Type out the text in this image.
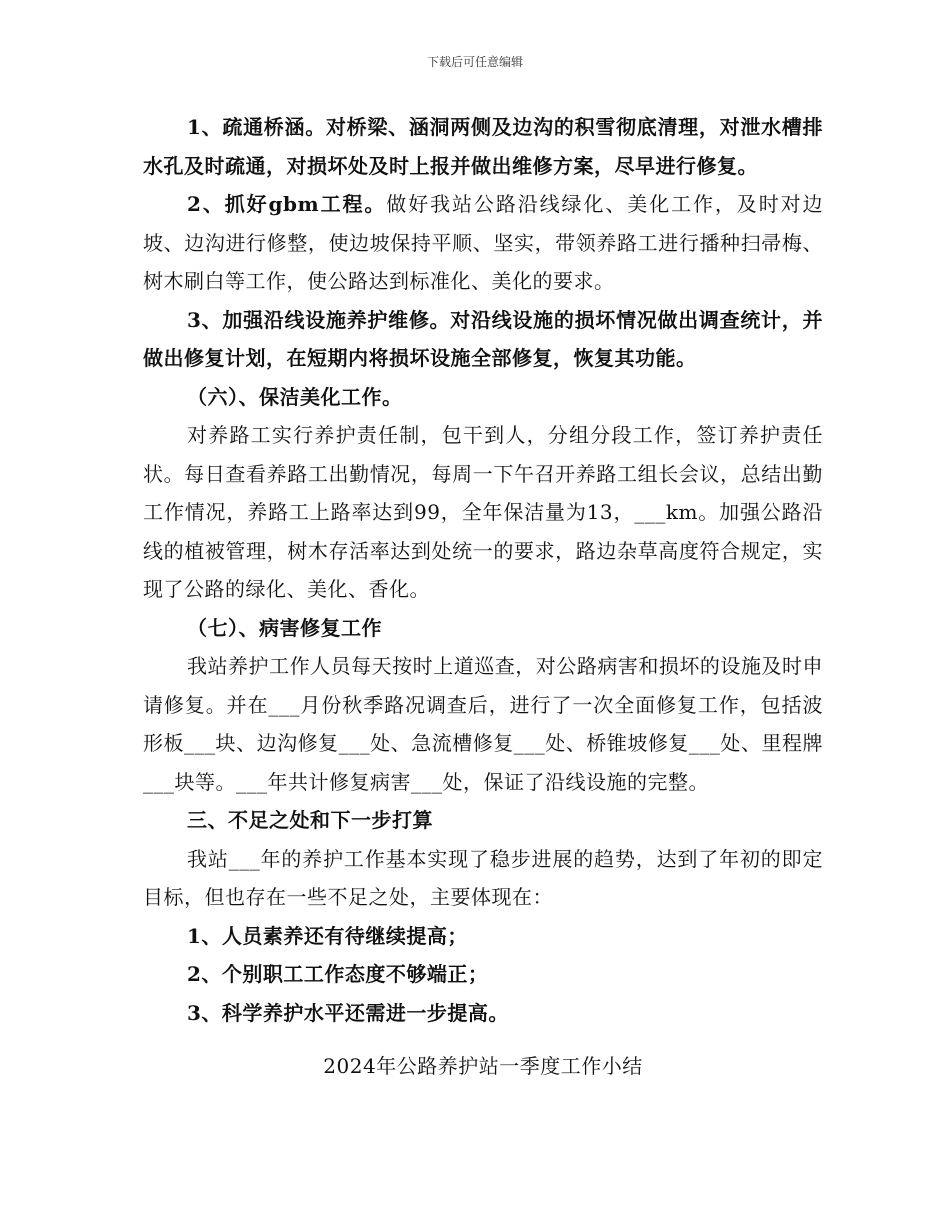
下载后可任意编辑

1、疏通桥涵。对桥梁、涵洞两侧及边沟的积雪彻底清理，对泄水槽排水孔及时疏通，对损坏处及时上报并做出维修方案，尽早进行修复。

2、抓好gbm工程。做好我站公路沿线绿化、美化工作，及时对边坡、边沟进行修整，使边坡保持平顺、坚实，带领养路工进行播种扫帚梅、树木刷白等工作，使公路达到标准化、美化的要求。

3、加强沿线设施养护维修。对沿线设施的损坏情况做出调查统计，并做出修复计划，在短期内将损坏设施全部修复，恢复其功能。

（六）、保洁美化工作。

对养路工实行养护责任制，包干到人，分组分段工作，签订养护责任状。每日查看养路工出勤情况，每周一下午召开养路工组长会议，总结出勤工作情况，养路工上路率达到99，全年保洁量为13，___km。加强公路沿线的植被管理，树木存活率达到处统一的要求，路边杂草高度符合规定，实现了公路的绿化、美化、香化。

（七）、病害修复工作

我站养护工作人员每天按时上道巡查，对公路病害和损坏的设施及时申请修复。并在___月份秋季路况调查后，进行了一次全面修复工作，包括波形板___块、边沟修复___处、急流槽修复___处、桥锥坡修复___处、里程牌___块等。___年共计修复病害___处，保证了沿线设施的完整。

三、不足之处和下一步打算

我站___年的养护工作基本实现了稳步进展的趋势，达到了年初的即定目标，但也存在一些不足之处，主要体现在：

1、人员素养还有待继续提高；

2、个别职工工作态度不够端正；

3、科学养护水平还需进一步提高。

2024年公路养护站一季度工作小结
